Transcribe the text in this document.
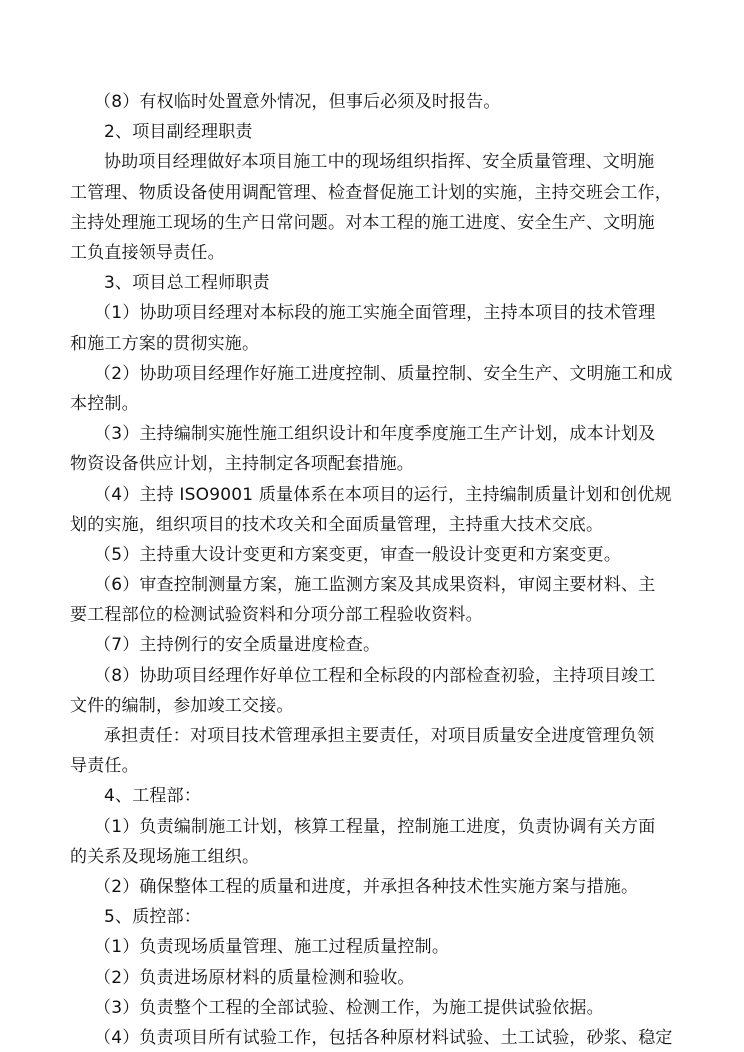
（8）有权临时处置意外情况，但事后必须及时报告。
2、项目副经理职责
协助项目经理做好本项目施工中的现场组织指挥、安全质量管理、文明施
工管理、物质设备使用调配管理、检查督促施工计划的实施，主持交班会工作，
主持处理施工现场的生产日常问题。对本工程的施工进度、安全生产、文明施
工负直接领导责任。
3、项目总工程师职责
（1）协助项目经理对本标段的施工实施全面管理，主持本项目的技术管理
和施工方案的贯彻实施。
（2）协助项目经理作好施工进度控制、质量控制、安全生产、文明施工和成
本控制。
（3）主持编制实施性施工组织设计和年度季度施工生产计划，成本计划及
物资设备供应计划，主持制定各项配套措施。
（4）主持 ISO9001 质量体系在本项目的运行，主持编制质量计划和创优规
划的实施，组织项目的技术攻关和全面质量管理，主持重大技术交底。
（5）主持重大设计变更和方案变更，审查一般设计变更和方案变更。
（6）审查控制测量方案，施工监测方案及其成果资料，审阅主要材料、主
要工程部位的检测试验资料和分项分部工程验收资料。
（7）主持例行的安全质量进度检查。
（8）协助项目经理作好单位工程和全标段的内部检查初验，主持项目竣工
文件的编制，参加竣工交接。
承担责任：对项目技术管理承担主要责任，对项目质量安全进度管理负领
导责任。
4、工程部：
（1）负责编制施工计划，核算工程量，控制施工进度，负责协调有关方面
的关系及现场施工组织。
（2）确保整体工程的质量和进度，并承担各种技术性实施方案与措施。
5、质控部：
（1）负责现场质量管理、施工过程质量控制。
（2）负责进场原材料的质量检测和验收。
（3）负责整个工程的全部试验、检测工作，为施工提供试验依据。
（4）负责项目所有试验工作，包括各种原材料试验、土工试验，砂浆、稳定
